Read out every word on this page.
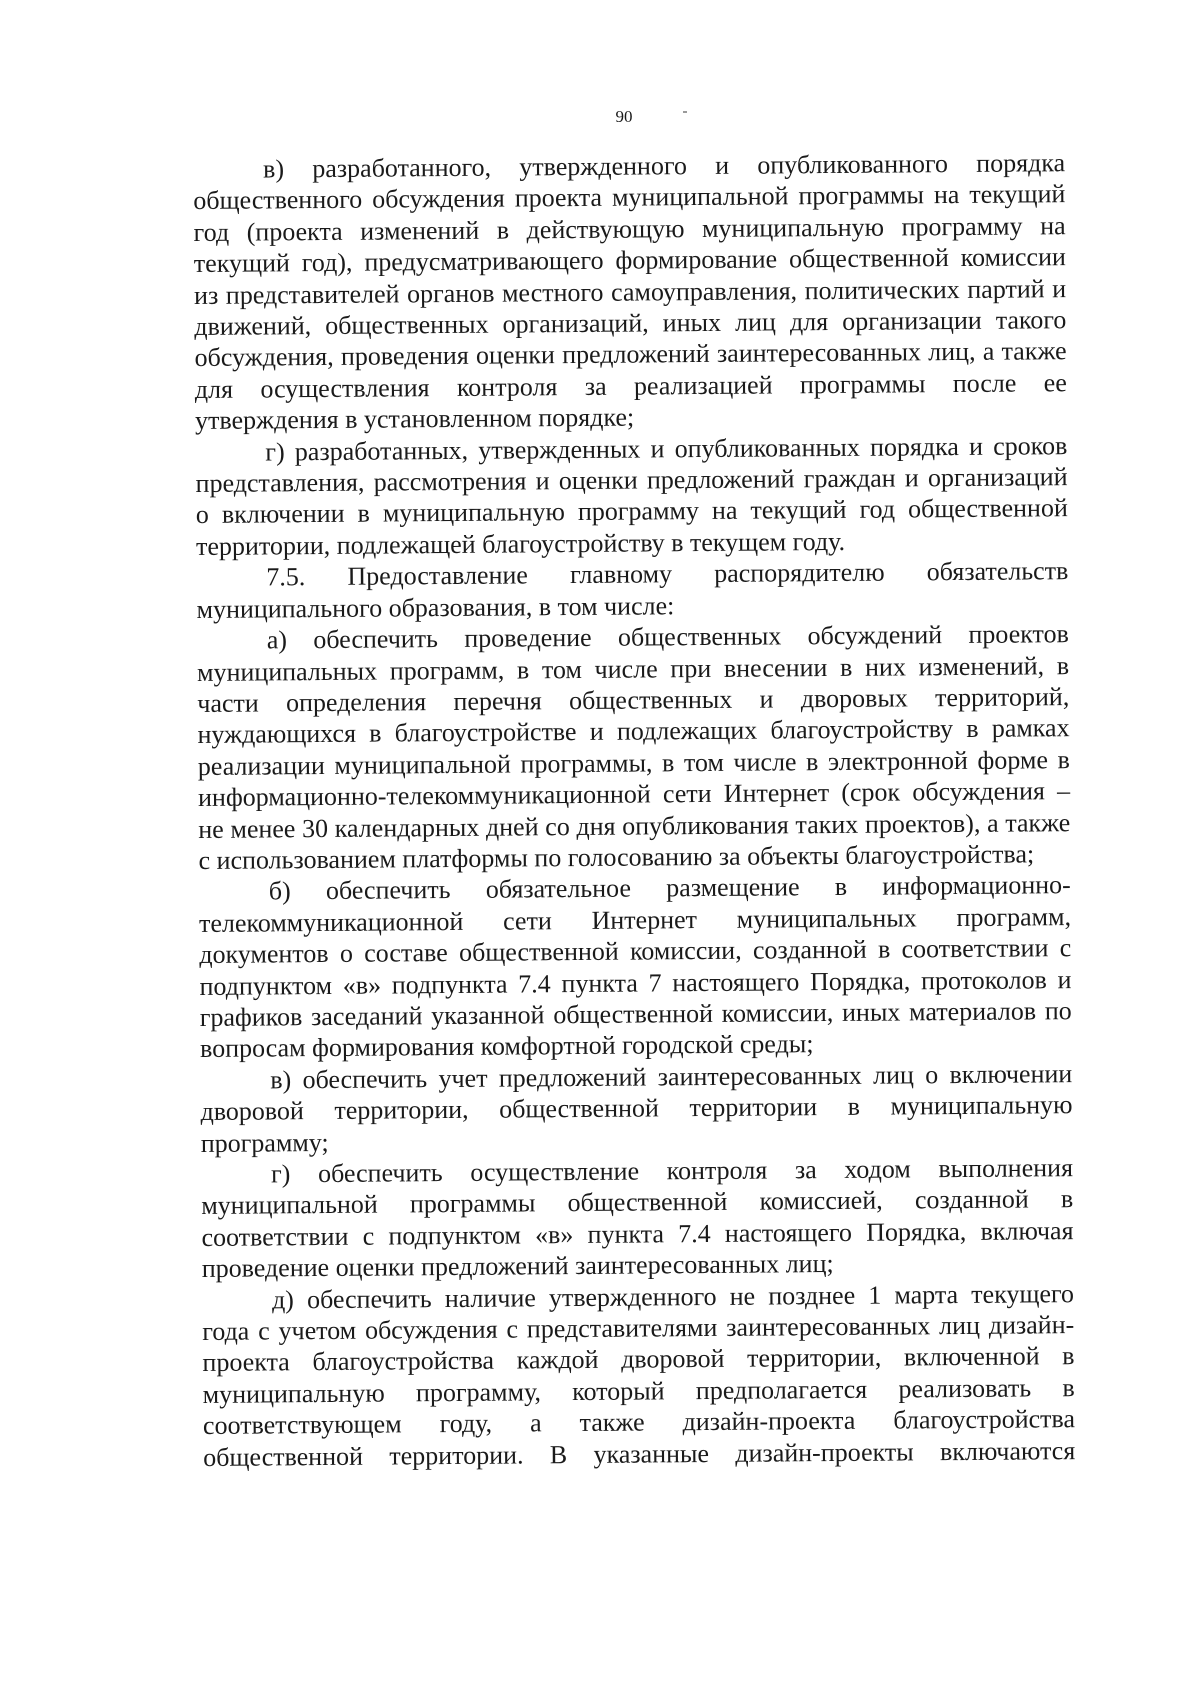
90

в) разработанного, утвержденного и опубликованного порядка общественного обсуждения проекта муниципальной программы на текущий год (проекта изменений в действующую муниципальную программу на текущий год), предусматривающего формирование общественной комиссии из представителей органов местного самоуправления, политических партий и движений, общественных организаций, иных лиц для организации такого обсуждения, проведения оценки предложений заинтересованных лиц, а также для осуществления контроля за реализацией программы после ее утверждения в установленном порядке;

г) разработанных, утвержденных и опубликованных порядка и сроков представления, рассмотрения и оценки предложений граждан и организаций о включении в муниципальную программу на текущий год общественной территории, подлежащей благоустройству в текущем году.

7.5. Предоставление главному распорядителю обязательств муниципального образования, в том числе:

а) обеспечить проведение общественных обсуждений проектов муниципальных программ, в том числе при внесении в них изменений, в части определения перечня общественных и дворовых территорий, нуждающихся в благоустройстве и подлежащих благоустройству в рамках реализации муниципальной программы, в том числе в электронной форме в информационно-телекоммуникационной сети Интернет (срок обсуждения – не менее 30 календарных дней со дня опубликования таких проектов), а также с использованием платформы по голосованию за объекты благоустройства;

б) обеспечить обязательное размещение в информационно-телекоммуникационной сети Интернет муниципальных программ, документов о составе общественной комиссии, созданной в соответствии с подпунктом «в» подпункта 7.4 пункта 7 настоящего Порядка, протоколов и графиков заседаний указанной общественной комиссии, иных материалов по вопросам формирования комфортной городской среды;

в) обеспечить учет предложений заинтересованных лиц о включении дворовой территории, общественной территории в муниципальную программу;

г) обеспечить осуществление контроля за ходом выполнения муниципальной программы общественной комиссией, созданной в соответствии с подпунктом «в» пункта 7.4 настоящего Порядка, включая проведение оценки предложений заинтересованных лиц;

д) обеспечить наличие утвержденного не позднее 1 марта текущего года с учетом обсуждения с представителями заинтересованных лиц дизайн-проекта благоустройства каждой дворовой территории, включенной в муниципальную программу, который предполагается реализовать в соответствующем году, а также дизайн-проекта благоустройства общественной территории. В указанные дизайн-проекты включаются
